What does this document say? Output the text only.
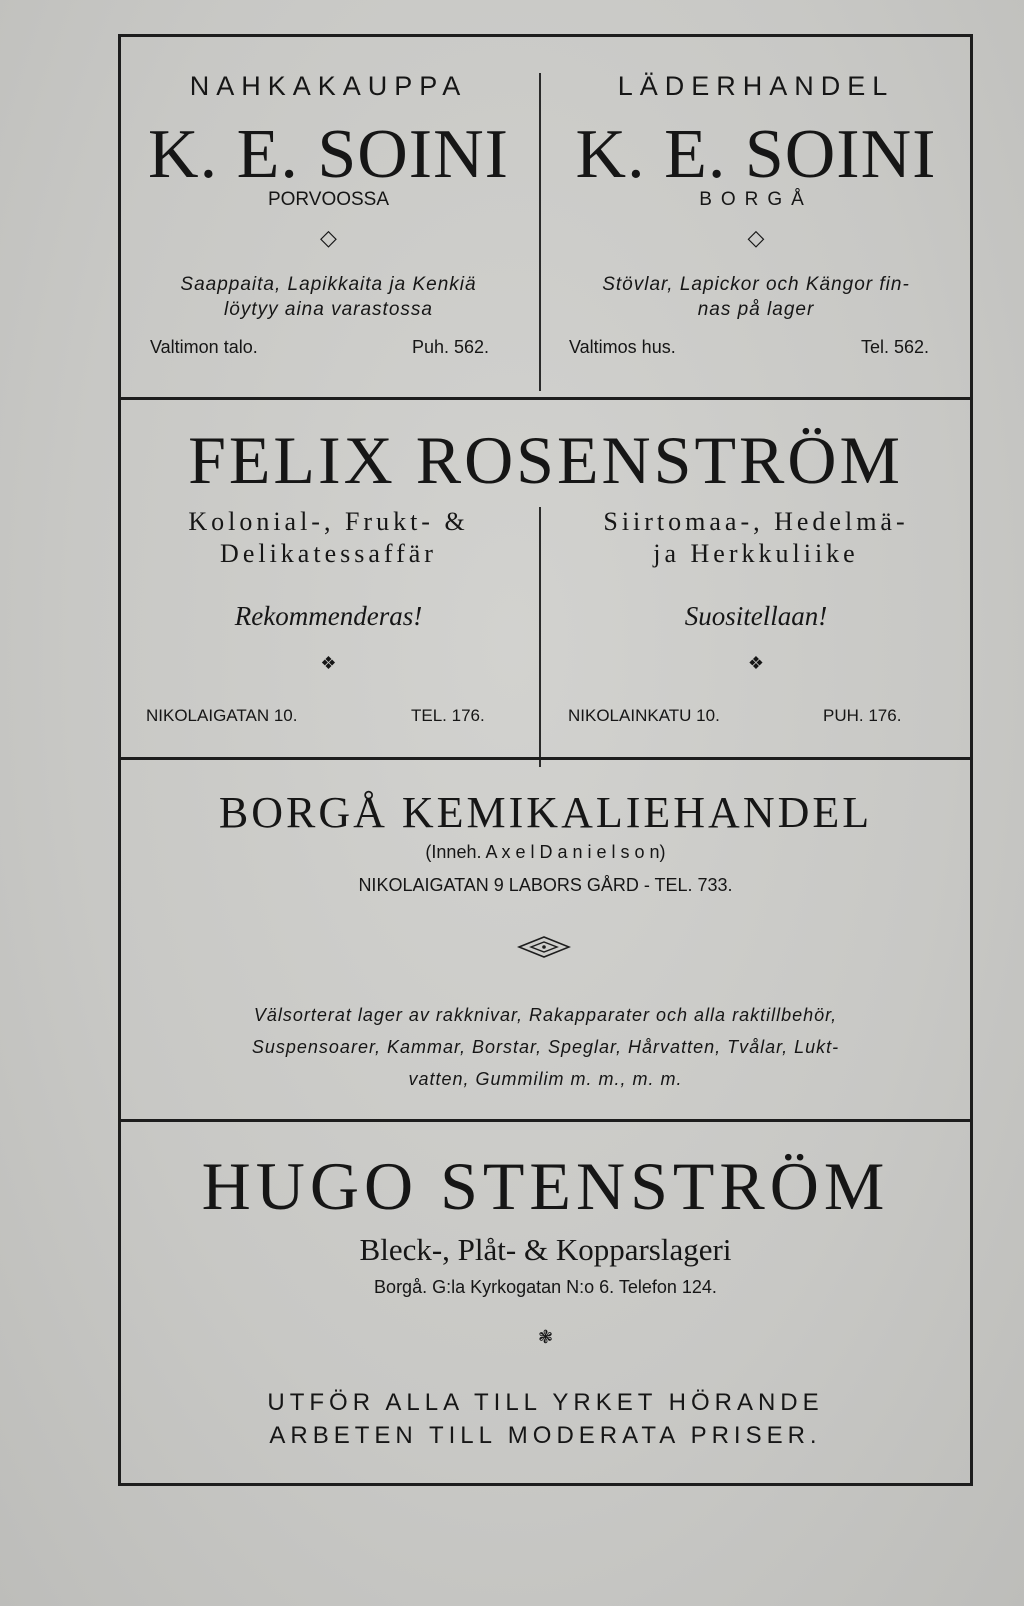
NAHKAKAUPPA
K. E. SOINI
PORVOOSSA
◇
Saappaita, Lapikkaita ja Kenkiä
löytyy aina varastossa
Valtimon talo.	Puh. 562.
LÄDERHANDEL
K. E. SOINI
BORGÅ
◇
Stövlar, Lapickor och Kängor fin-
nas på lager
Valtimos hus.	Tel. 562.
FELIX ROSENSTRÖM
Kolonial-, Frukt- &
Delikatessaffär
Rekommenderas!
❖
NIKOLAIGATAN 10.	TEL. 176.
Siirtomaa-, Hedelmä-
ja Herkkuliike
Suositellaan!
❖
NIKOLAINKATU 10.	PUH. 176.
BORGÅ KEMIKALIEHANDEL
(Inneh. A x e l D a n i e l s o n)
NIKOLAIGATAN 9 LABORS GÅRD - TEL. 733.
Välsorterat lager av rakknivar, Rakapparater och alla raktillbehör,
Suspensoarer, Kammar, Borstar, Speglar, Hårvatten, Tvålar, Lukt-
vatten, Gummilim m. m., m. m.
HUGO STENSTRÖM
Bleck-, Plåt- & Kopparslageri
Borgå. G:la Kyrkogatan N:o 6. Telefon 124.
❃
UTFÖR ALLA TILL YRKET HÖRANDE
ARBETEN TILL MODERATA PRISER.
